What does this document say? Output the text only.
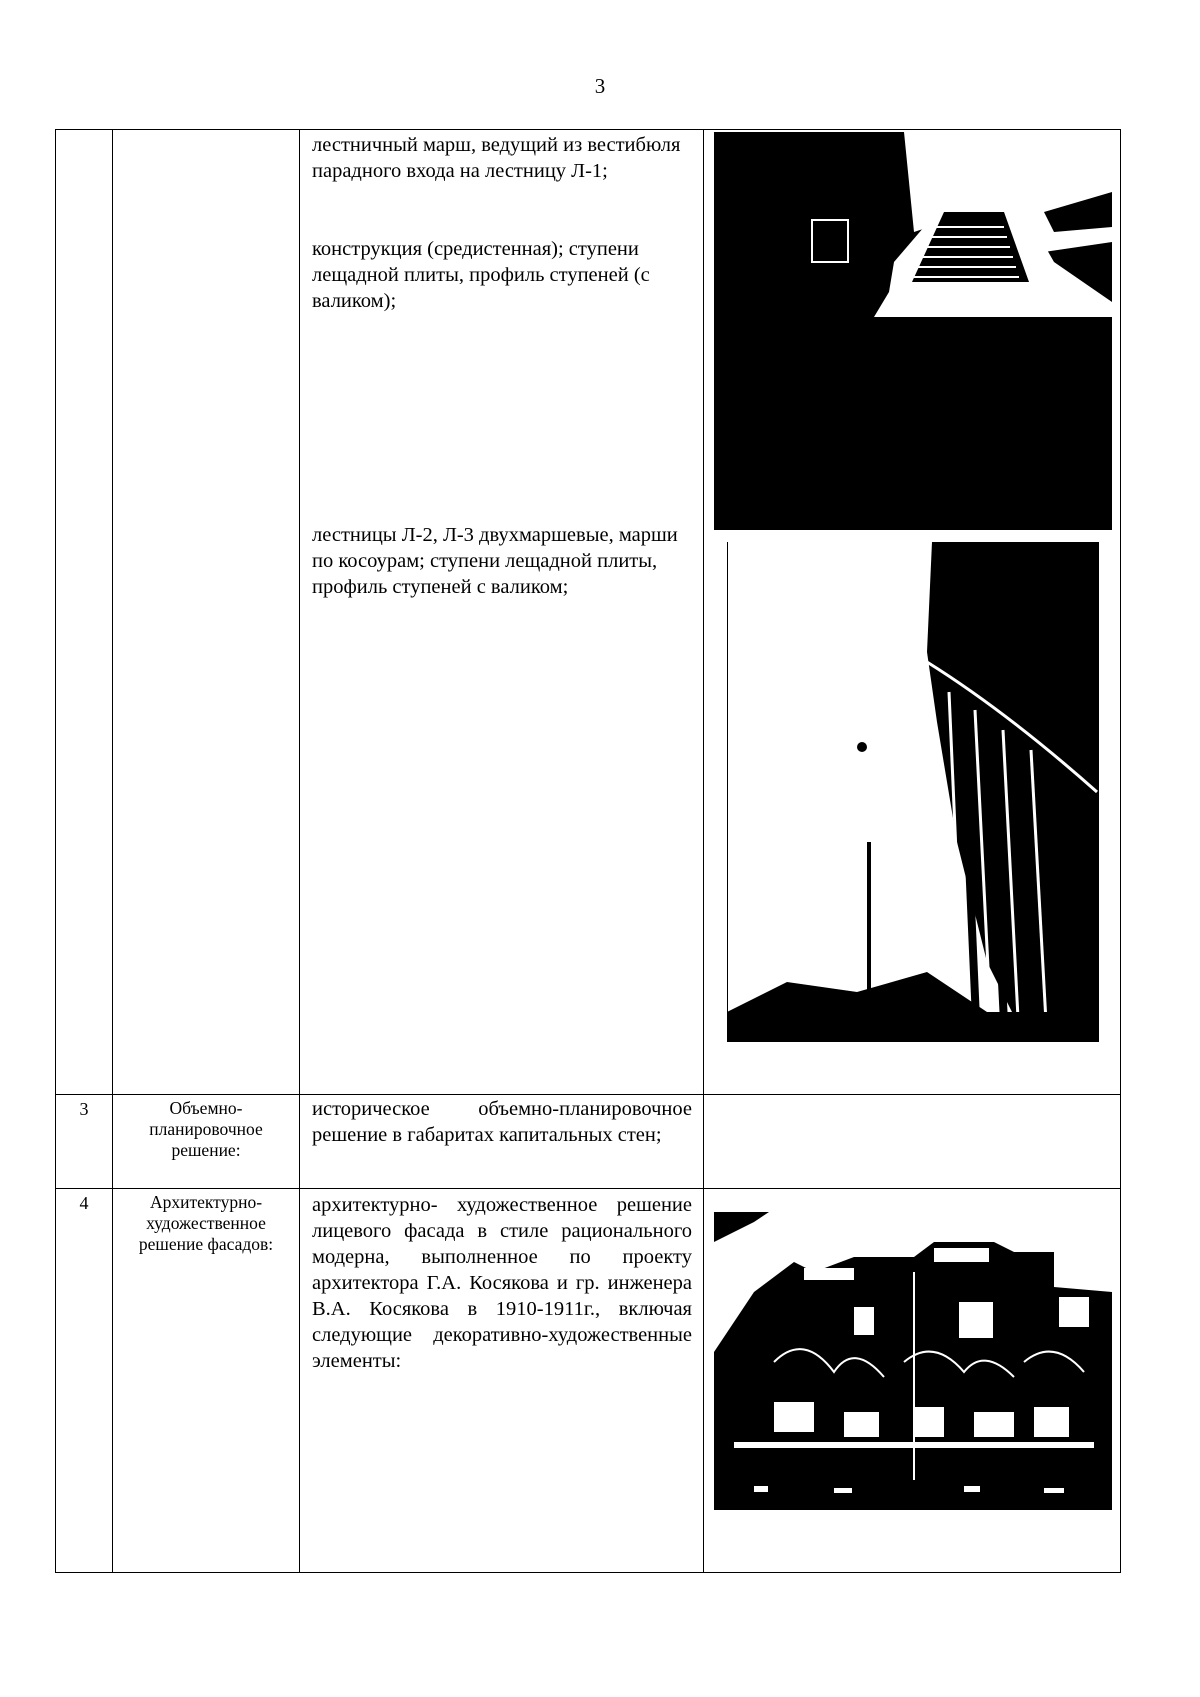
3
лестничный марш, ведущий из вестибюля парадного входа на лестницу Л-1;
конструкция (средистенная); ступени лещадной плиты, профиль ступеней (с валиком);
лестницы Л-2, Л-3 двухмаршевые, марши по косоурам; ступени лещадной плиты, профиль ступеней с валиком;
3	Объемно-планировочное решение:
историческое объемно-планировочное решение в габаритах капитальных стен;
4	Архитектурно-художественное решение фасадов:
архитектурно- художественное решение лицевого фасада в стиле рационального модерна, выполненное по проекту архитектора Г.А. Косякова и гр. инженера В.А. Косякова в 1910-1911г., включая следующие декоративно-художественные элементы:
